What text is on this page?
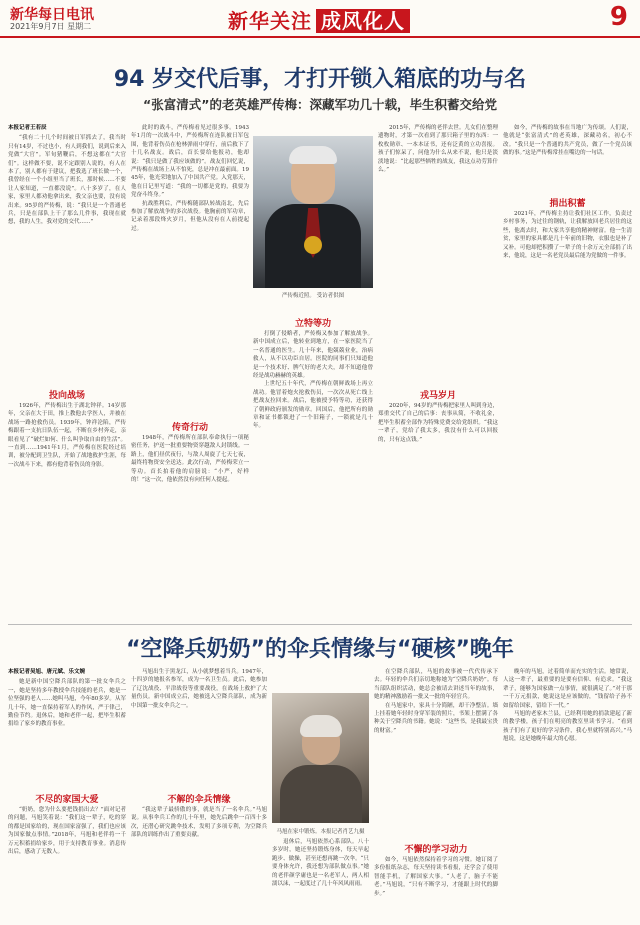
新华每日电讯
2021年9月7日 星期二	新华关注 成风化人	9
94 岁交代后事，才打开锁入箱底的功与名
“张富清式”的老英雄严传梅：深藏军功几十载，毕生积蓄交给党

本报记者王若辰

“我有二十几个时间被日军抓去了，我当时只有14岁，不过也小，有人到我们，说到后来入党做“大官”。军旬猪鞭后，不想这都在“大官们”。这样做不要，说不定跟别人说的，有人在本了，别人都有于建议，把我选了班长做一个，我曾经在一个小组里当了班长，那时候……不要让人家知道，一直都没说”。八十多岁了，在人家，家里人都劝他拿出来，我父亲也要，没有说出来。95岁的严传梅，说：“我只是一个普通老兵，只是在部队上干了那么几件事，我现在就想，我的人生，我对党的交代……”

投向战场

1926年，严传梅出生于湖北钟祥。14岁那年，父亲在大于田，推上教他去学医人，并被在战场一路抢救伤员。1939年，钟祥沦陷，严传梅跟着一支抗日队伍一起，不断在乡村奔走，亲眼看见了“破烂如何、什么叫争取自由的生活”。一直到……1941年1月，严传梅在医院经过培训，被分配到卫生队，开始了战地救护生涯，每一次战斗下来，都有他背着伤员的身影。

此时的战斗，严传梅看见过很多事。1943年1月的一次战斗中，严传梅所在连队被日军包围，他背着伤员在枪林弹雨中穿行，前后救下了十几名战友。战后，首长要给他报功，他却说：“我只是做了我应该做的”。战友们回忆说，严传梅在战场上从不怕死，总是冲在最前面。1945年，他光荣地加入了中国共产党。入党那天，他在日记里写道：“我的一切都是党的，我要为党奋斗终身。”

抗战胜利后，严传梅随部队转战南北，先后参加了解放战争的多次战役。他胸前的军功章，记录着那段烽火岁月，但他从没有在人前提起过。

传奇行动

1948年，严传梅所在部队奉命执行一项秘密任务，护送一批重要物资穿越敌人封锁线。一路上，他们昼伏夜行，与敌人周旋了七天七夜，最终将物资安全送达。此次行动，严传梅荣立一等功。首长拍着他的肩膀说：“小严，好样的！”这一次，他依然没有向任何人提起。

严传梅近照。 受访者供图
立特等功

打倒了侵略者，严传梅又参加了解放战争。新中国成立后，他转业到地方，在一家医院当了一名普通的医生。几十年来，他兢兢业业，治病救人，从不以功臣自居。医院的同事们只知道他是一个技术好、脾气好的老大夫，却不知道他曾经是战功赫赫的英雄。

上世纪五十年代，严传梅在朝鲜战场上再立战功。他冒着炮火抢救伤员，一次次从死亡线上把战友拉回来。战后，他被授予特等功，还获得了朝鲜政府颁发的勋章。回国后，他把所有的勋章和证书都锁进了一个旧箱子，一锁就是几十年。

2015年，严传梅的老伴去世。儿女们在整理遗物时，才第一次看到了那只箱子里的东西：一枚枚勋章、一本本证书，还有泛黄的立功喜报。孩子们惊呆了，问他为什么从来不说，他只是淡淡地说：“比起那些牺牲的战友，我这点功劳算什么。”

戎马岁月

2020年，94岁的严传梅把家里人叫到身边，郑重交代了自己的后事：丧事从简，不收礼金，把毕生积蓄全部作为特殊党费交给党组织。“我这一辈子，党给了我太多，我没有什么可以回报的，只有这点钱。”

捐出积蓄

如今，严传梅的故事在当地广为传颂。人们说，他就是“张富清式”的老英雄，深藏功名，初心不改。“我只是一个普通的共产党员，做了一个党员该做的事。”这是严传梅常挂在嘴边的一句话。

2021年，严传梅主持让我们社区工作，负责过乡村事务，为过往的钢轨，让我解放回老兵居住的这些，他离去时，和大家共享他的精神财富。他一生清贫，家里的家具都是几十年前的旧物，衣服也是补了又补。可他却把积攒了一辈子的十余万元全部捐了出来，他说，这是一名老党员最后能为党做的一件事。

“空降兵奶奶”的伞兵情缘与“硬核”晚年

本报记者吴旭、唐元斌、乐文婉

她是新中国空降兵部队的第一批女伞兵之一，她是坚持多年教授伞兵技能的老兵，她是一位坚强的老人……她叫马旭，今年80多岁。从军几十年，她一直保持着军人的作风，严于律己，勤俭节约。退休后，她和老伴一起，把毕生积蓄捐给了家乡的教育事业。

不尽的家国大爱

“奶奶，您为什么要把钱捐出去？”面对记者的问题，马旭笑着说：“我们这一辈子，吃的穿的都是国家给的，现在国家富强了，我们也应该为国家做点事情。”2018年，马旭和老伴将一千万元积蓄捐给家乡，用于支持教育事业。消息传出后，感动了无数人。

马旭出生于黑龙江，从小就梦想着当兵。1947年，十四岁的她报名参军，成为一名卫生员。此后，她参加了辽沈战役、平津战役等重要战役，在战场上救护了大量伤员。新中国成立后，她被选入空降兵部队，成为新中国第一批女伞兵之一。

不解的伞兵情缘

“我这辈子最骄傲的事，就是当了一名伞兵。”马旭说。从事伞兵工作的几十年里，她先后跳伞一百四十多次，还潜心研究跳伞技术，发明了多项专利，为空降兵部队的训练作出了重要贡献。

马旭在家中锻炼。本报记者肖艺九摄

退休后，马旭依然心系部队。八十多岁时，她还坚持锻炼身体，每天早起跑步、做操，甚至还想再跳一次伞。“只要身体允许，我还想为部队做点事。”她的老伴颜学庸也是一名老军人，两人相濡以沫，一起度过了几十年风风雨雨。

在空降兵部队，马旭的故事被一代代传承下去。年轻的伞兵们亲切地称她为“空降兵奶奶”。每当部队组织活动，她总会被请去讲述当年的故事，她的精神激励着一批又一批的年轻官兵。

在马旭家中，家具十分简陋，却干净整洁。墙上挂着她年轻时身穿军装的照片，书架上摆满了各种关于空降兵的书籍。她说：“这些书，是我最宝贵的财富。”

不懈的学习动力

如今，马旭依然保持着学习的习惯。她订阅了多份报纸杂志，每天坚持读书看报，还学会了使用智能手机，了解国家大事。“人老了，脑子不能老。”马旭说，“只有不断学习，才能跟上时代的脚步。”

晚年的马旭，过着简单而充实的生活。她常说，人这一辈子，最重要的是要有信仰、有追求。“我这辈子，能够为国家做一点事情，就很满足了。”对于那一千万元捐款，她说这是应该做的，“钱留给子孙不如留给国家，留给下一代。”

马旭的老家木兰县，已经利用她的捐款建起了新的教学楼，孩子们在明亮的教室里读书学习。“看到孩子们有了更好的学习条件，我心里就特别高兴。”马旭说，这是她晚年最大的心愿。
